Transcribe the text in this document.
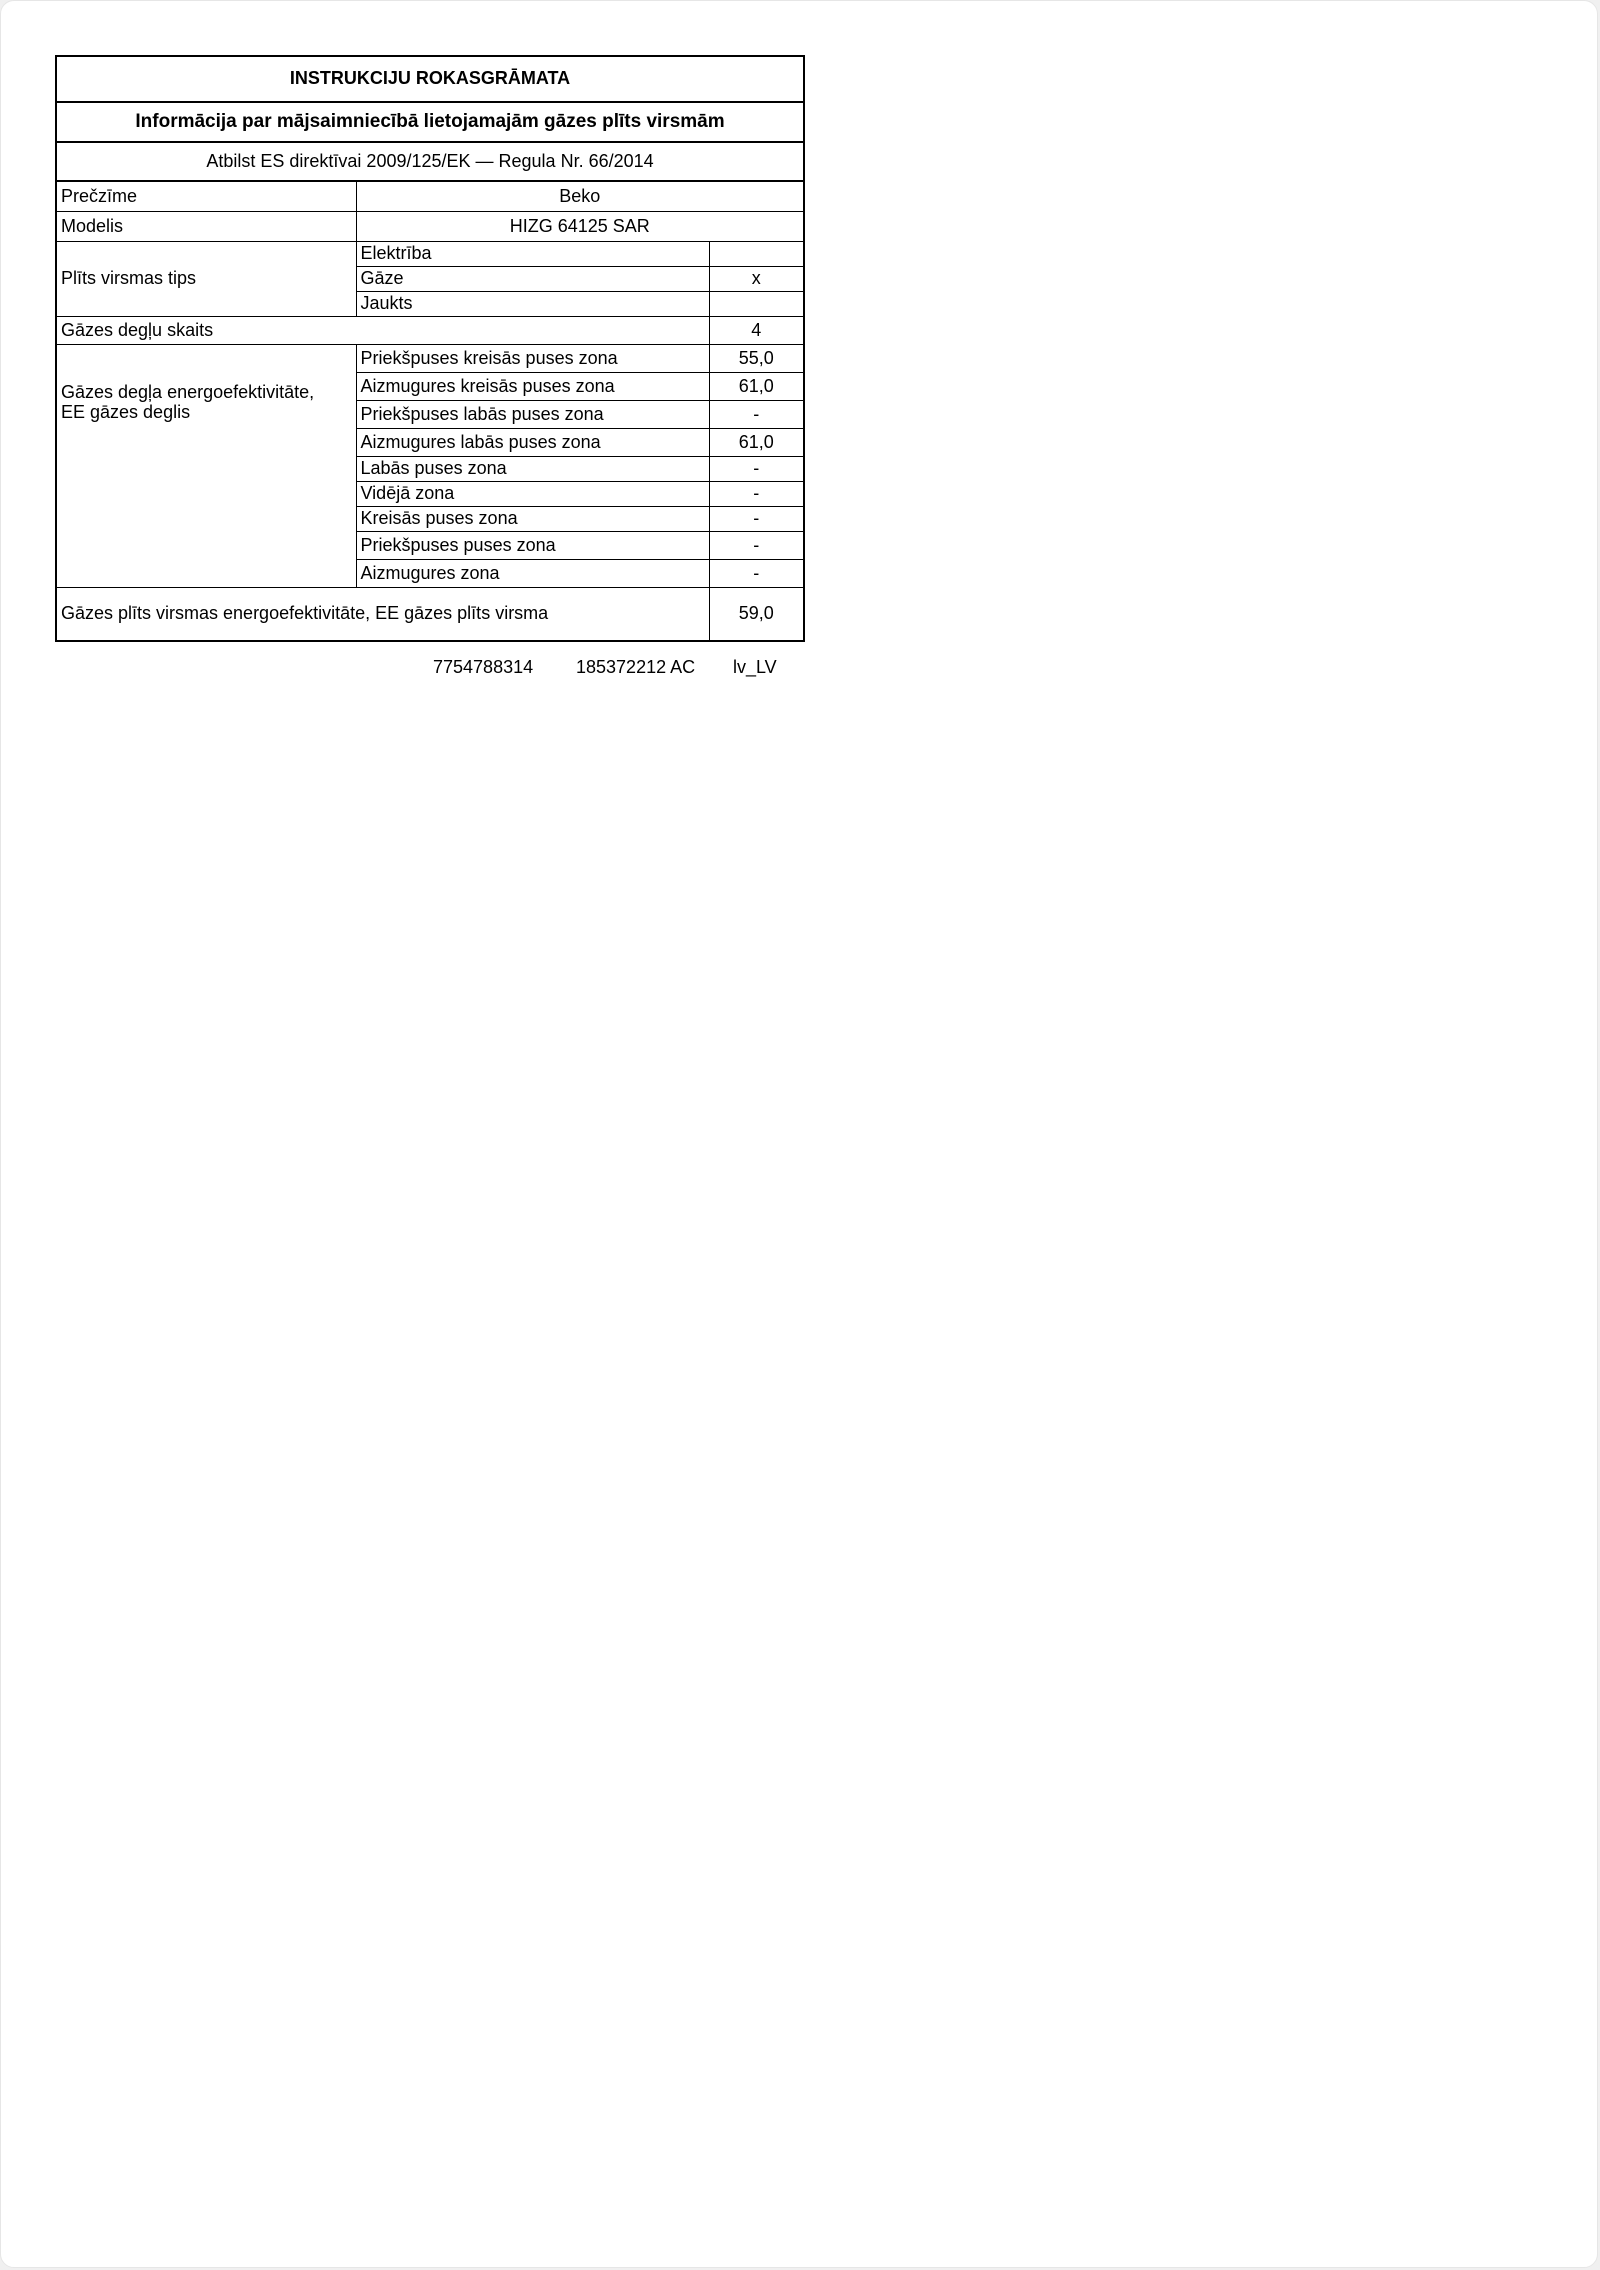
INSTRUKCIJU ROKASGRĀMATA		
Informācija par mājsaimniecībā lietojamajām gāzes plīts virsmām		
Atbilst ES direktīvai 2009/125/EK — Regula Nr. 66/2014		
Prečzīme	Beko	
Modelis	HIZG 64125 SAR	
Plīts virsmas tips	Elektrība	
	Gāze	x
	Jaukts	
Gāzes degļu skaits		4

Gāzes degļa energoefektivitāte,
EE gāzes deglis	Priekšpuses kreisās puses zona	55,0
	Aizmugures kreisās puses zona	61,0
	Priekšpuses labās puses zona	-
	Aizmugures labās puses zona	61,0
	Labās puses zona	-
	Vidējā zona	-
	Kreisās puses zona	-
	Priekšpuses puses zona	-
	Aizmugures zona	-
Gāzes plīts virsmas energoefektivitāte, EE gāzes plīts virsma		59,0
7754788314 185372212 AC lv_LV
